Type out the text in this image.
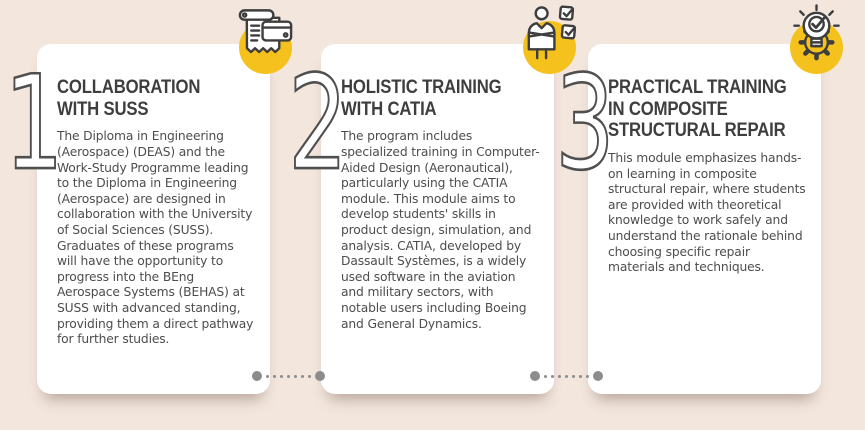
1
COLLABORATION WITH SUSS

The Diploma in Engineering (Aerospace) (DEAS) and the Work-Study Programme leading to the Diploma in Engineering (Aerospace) are designed in collaboration with the University of Social Sciences (SUSS). Graduates of these programs will have the opportunity to progress into the BEng Aerospace Systems (BEHAS) at SUSS with advanced standing, providing them a direct pathway for further studies.

2
HOLISTIC TRAINING WITH CATIA

The program includes specialized training in Computer-Aided Design (Aeronautical), particularly using the CATIA module. This module aims to develop students' skills in product design, simulation, and analysis. CATIA, developed by Dassault Systèmes, is a widely used software in the aviation and military sectors, with notable users including Boeing and General Dynamics.

3
PRACTICAL TRAINING IN COMPOSITE STRUCTURAL REPAIR

This module emphasizes hands-on learning in composite structural repair, where students are provided with theoretical knowledge to work safely and understand the rationale behind choosing specific repair materials and techniques.
